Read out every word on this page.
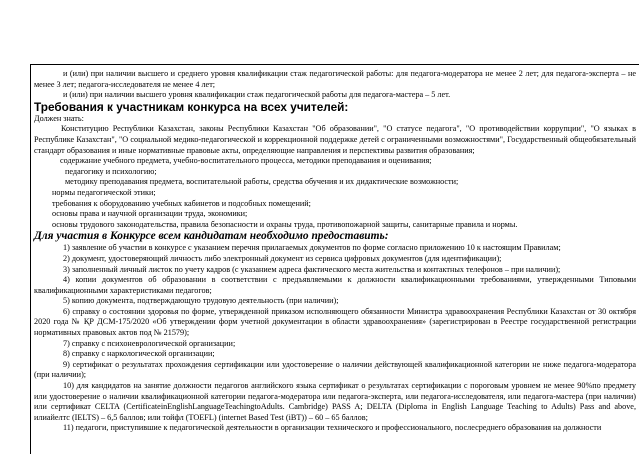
и (или) при наличии высшего и среднего уровня квалификации стаж педагогической работы: для педагога-модератора не менее 2 лет; для педагога-эксперта – не менее 3 лет; педагога-исследователя не менее 4 лет;

и (или) при наличии высшего уровня квалификации стаж педагогической работы для педагога-мастера – 5 лет.

Требования к участникам конкурса на всех учителей:

Должен знать:

Конституцию Республики Казахстан, законы Республики Казахстан "Об образовании", "О статусе педагога", "О противодействии коррупции", "О языках в Республике Казахстан", "О социальной медико-педагогической и коррекционной поддержке детей с ограниченными возможностями", Государственный общеобязательный стандарт образования и иные нормативные правовые акты, определяющие направления и перспективы развития образования;

содержание учебного предмета, учебно-воспитательного процесса, методики преподавания и оценивания;

педагогику и психологию;

методику преподавания предмета, воспитательной работы, средства обучения и их дидактические возможности;

нормы педагогической этики;

требования к оборудованию учебных кабинетов и подсобных помещений;

основы права и научной организации труда, экономики;

основы трудового законодательства, правила безопасности и охраны труда, противопожарной защиты, санитарные правила и нормы.

Для участия в Конкурсе всем кандидатам необходимо предоставить:

1) заявление об участии в конкурсе с указанием перечня прилагаемых документов по форме согласно приложению 10 к настоящим Правилам;

2) документ, удостоверяющий личность либо электронный документ из сервиса цифровых документов (для идентификации);

3) заполненный личный листок по учету кадров (с указанием адреса фактического места жительства и контактных телефонов – при наличии);

4) копии документов об образовании в соответствии с предъявляемыми к должности квалификационными требованиями, утвержденными Типовыми квалификационными характеристиками педагогов;

5) копию документа, подтверждающую трудовую деятельность (при наличии);

6) справку о состоянии здоровья по форме, утвержденной приказом исполняющего обязанности Министра здравоохранения Республики Казахстан от 30 октября 2020 года № ҚР ДСМ-175/2020 «Об утверждении форм учетной документации в области здравоохранения» (зарегистрирован в Реестре государственной регистрации нормативных правовых актов под № 21579);

7) справку с психоневрологической организации;

8) справку с наркологической организации;

9) сертификат о результатах прохождения сертификации или удостоверение о наличии действующей квалификационной категории не ниже педагога-модератора (при наличии);

10) для кандидатов на занятие должности педагогов английского языка сертификат о результатах сертификации с пороговым уровнем не менее 90%по предмету или удостоверение о наличии квалификационной категории педагога-модератора или педагога-эксперта, или педагога-исследователя, или педагога-мастера (при наличии) или сертификат CELTA (CertificateinEnglishLanguageTeachingtoAdults. Cambridge) PASS A; DELTA (Diploma in English Language Teaching to Adults) Pass and above, илиайелтс (IELTS) – 6,5 баллов; или тойфл (TOEFL) (internet Based Test (iBT)) – 60 – 65 баллов;

11) педагоги, приступившие к педагогической деятельности в организации технического и профессионального, послесреднего образования на должности
